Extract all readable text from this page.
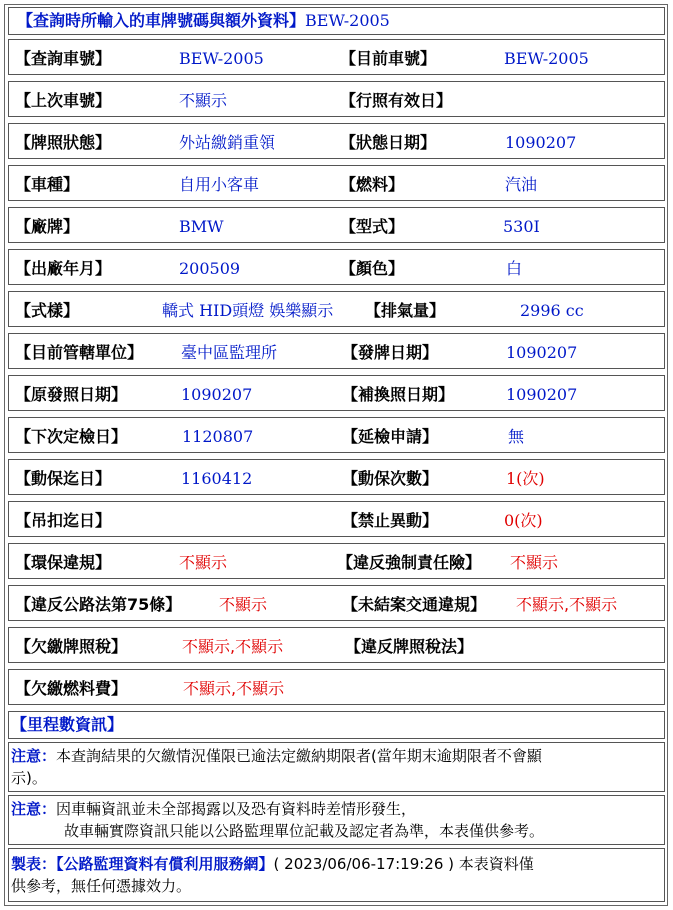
【查詢時所輸入的車牌號碼與額外資料】BEW-2005
【查詢車號】	BEW-2005	【目前車號】	BEW-2005
【上次車號】	不顯示	【行照有效日】
【牌照狀態】	外站繳銷重領	【狀態日期】	1090207
【車種】	自用小客車	【燃料】	汽油
【廠牌】	BMW	【型式】	530I
【出廠年月】	200509	【顏色】	白
【式樣】	轎式 HID頭燈 娛樂顯示 【排氣量】	2996 cc
【目前管轄單位】 臺中區監理所	【發牌日期】	1090207
【原發照日期】	1090207	【補換照日期】	1090207
【下次定檢日】	1120807	【延檢申請】	無
【動保迄日】	1160412	【動保次數】	1(次)
【吊扣迄日】	【禁止異動】	0(次)
【環保違規】	不顯示	【違反強制責任險】 不顯示
【違反公路法第75條】 不顯示	【未結案交通違規】 不顯示,不顯示
【欠繳牌照稅】	不顯示,不顯示	【違反牌照稅法】
【欠繳燃料費】	不顯示,不顯示
【里程數資訊】
注意：本查詢結果的欠繳情況僅限已逾法定繳納期限者(當年期末逾期限者不會顯
示)。
注意：因車輛資訊並未全部揭露以及恐有資料時差情形發生，
故車輛實際資訊只能以公路監理單位記載及認定者為準，本表僅供參考。
製表：【公路監理資料有償利用服務網】( 2023/06/06-17:19:26 ) 本表資料僅
供參考，無任何憑據效力。
